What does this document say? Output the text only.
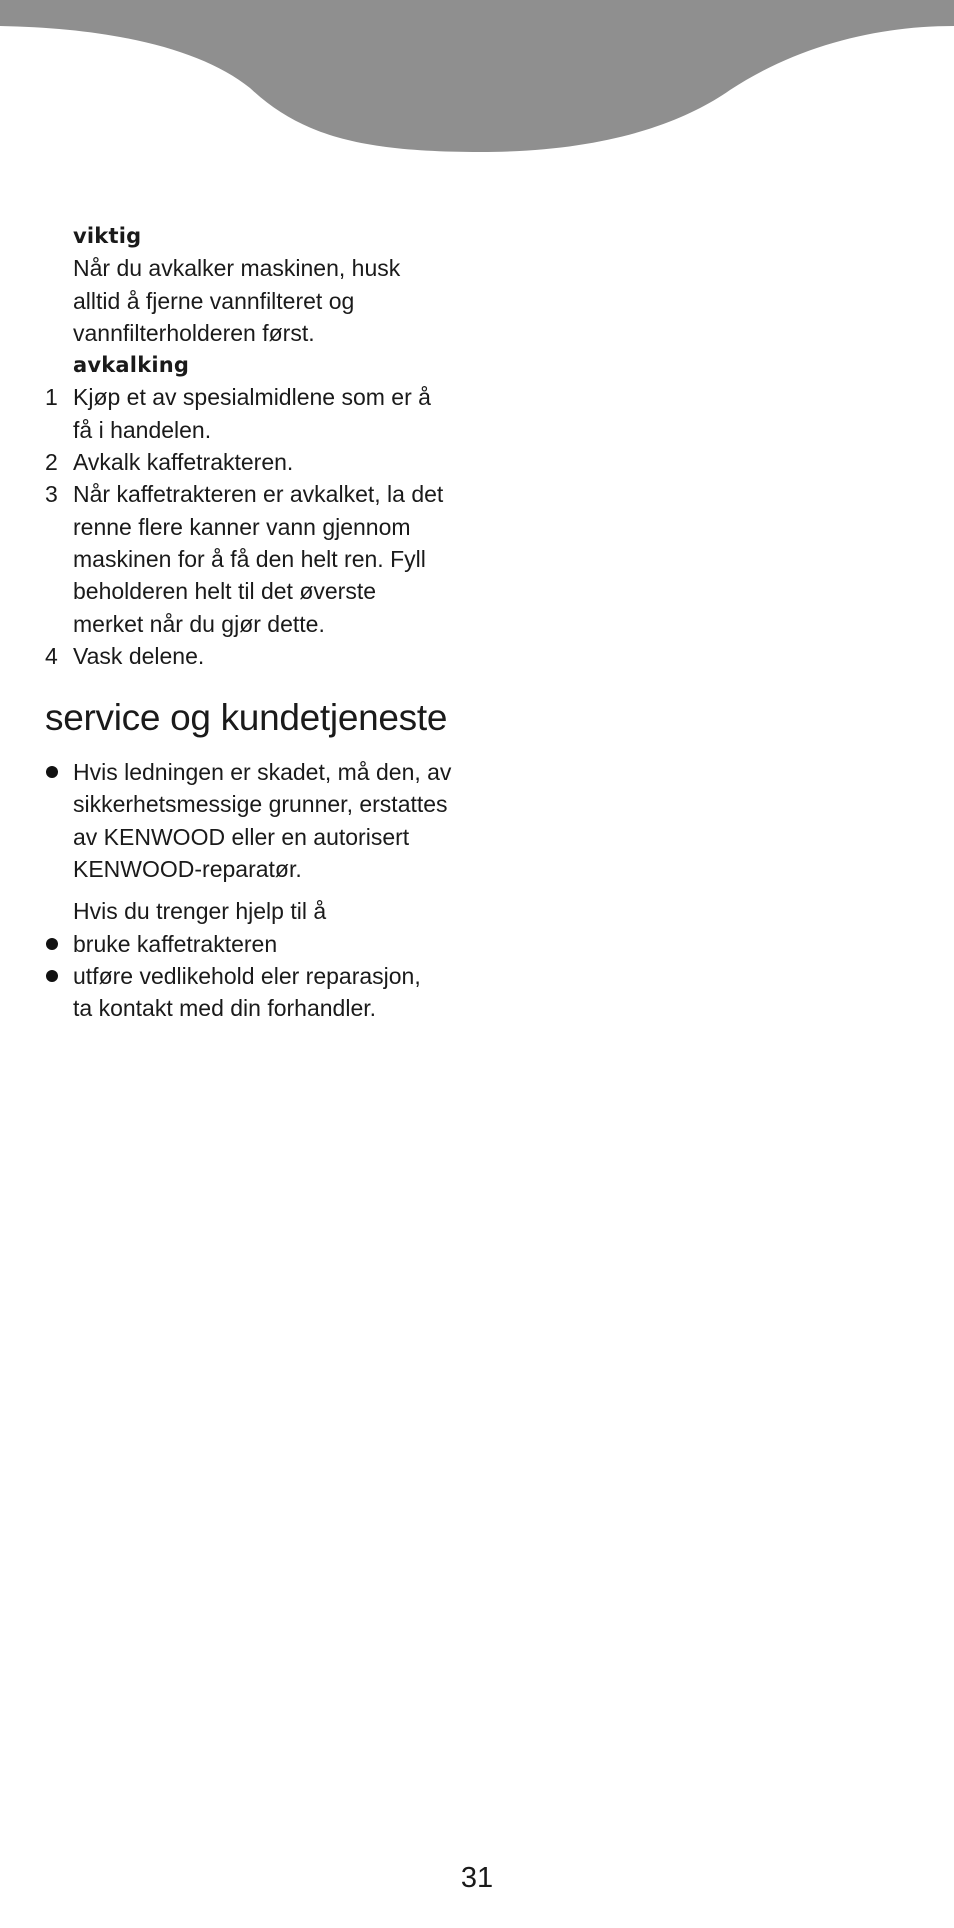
viktig
Når du avkalker maskinen, husk
alltid å fjerne vannfilteret og
vannfilterholderen først.
avkalking
1 Kjøp et av spesialmidlene som er å
få i handelen.
2 Avkalk kaffetrakteren.
3 Når kaffetrakteren er avkalket, la det
renne flere kanner vann gjennom
maskinen for å få den helt ren. Fyll
beholderen helt til det øverste
merket når du gjør dette.
4 Vask delene.
service og kundetjeneste
Hvis ledningen er skadet, må den, av
sikkerhetsmessige grunner, erstattes
av KENWOOD eller en autorisert
KENWOOD-reparatør.
Hvis du trenger hjelp til å
bruke kaffetrakteren
utføre vedlikehold eler reparasjon,
ta kontakt med din forhandler.
31
